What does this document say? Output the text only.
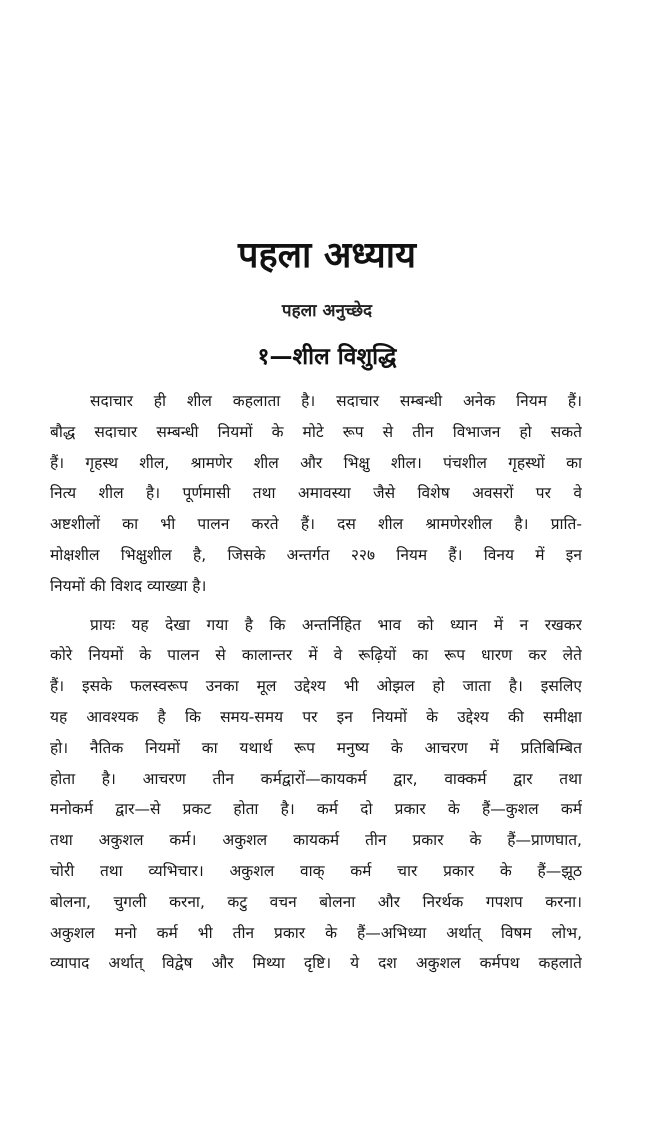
पहला अध्याय
पहला अनुच्छेद
१—शील विशुद्धि
सदाचार ही शील कहलाता है। सदाचार सम्बन्धी अनेक नियम हैं।
बौद्ध सदाचार सम्बन्धी नियमों के मोटे रूप से तीन विभाजन हो सकते
हैं। गृहस्थ शील, श्रामणेर शील और भिक्षु शील। पंचशील गृहस्थों का
नित्य शील है। पूर्णमासी तथा अमावस्या जैसे विशेष अवसरों पर वे
अष्टशीलों का भी पालन करते हैं। दस शील श्रामणेरशील है। प्राति-
मोक्षशील भिक्षुशील है, जिसके अन्तर्गत २२७ नियम हैं। विनय में इन
नियमों की विशद व्याख्या है।
प्रायः यह देखा गया है कि अन्तर्निहित भाव को ध्यान में न रखकर
कोरे नियमों के पालन से कालान्तर में वे रूढ़ियों का रूप धारण कर लेते
हैं। इसके फलस्वरूप उनका मूल उद्देश्य भी ओझल हो जाता है। इसलिए
यह आवश्यक है कि समय-समय पर इन नियमों के उद्देश्य की समीक्षा
हो। नैतिक नियमों का यथार्थ रूप मनुष्य के आचरण में प्रतिबिम्बित
होता है। आचरण तीन कर्मद्वारों—कायकर्म द्वार, वाक्कर्म द्वार तथा
मनोकर्म द्वार—से प्रकट होता है। कर्म दो प्रकार के हैं—कुशल कर्म
तथा अकुशल कर्म। अकुशल कायकर्म तीन प्रकार के हैं—प्राणघात,
चोरी तथा व्यभिचार। अकुशल वाक् कर्म चार प्रकार के हैं—झूठ
बोलना, चुगली करना, कटु वचन बोलना और निरर्थक गपशप करना।
अकुशल मनो कर्म भी तीन प्रकार के हैं—अभिध्या अर्थात् विषम लोभ,
व्यापाद अर्थात् विद्वेष और मिथ्या दृष्टि। ये दश अकुशल कर्मपथ कहलाते
